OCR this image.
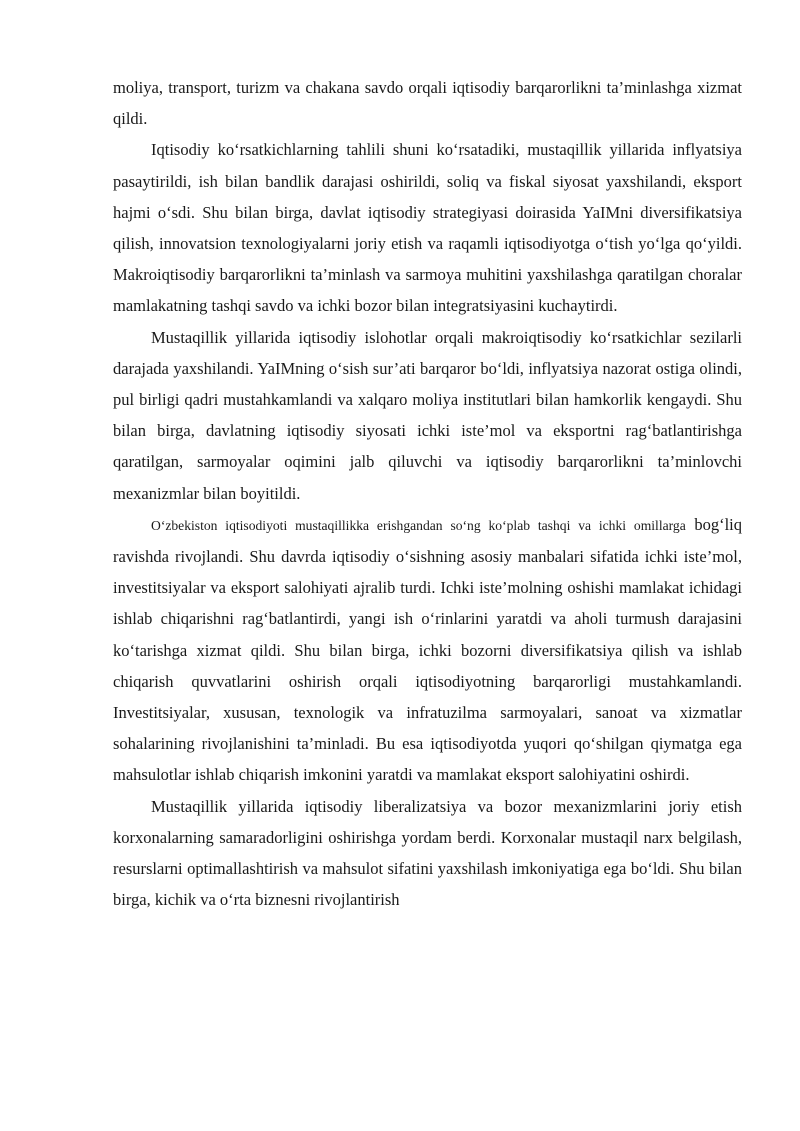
moliya, transport, turizm va chakana savdo orqali iqtisodiy barqarorlikni ta’minlashga xizmat qildi.

Iqtisodiy ko‘rsatkichlarning tahlili shuni ko‘rsatadiki, mustaqillik yillarida inflyatsiya pasaytirildi, ish bilan bandlik darajasi oshirildi, soliq va fiskal siyosat yaxshilandi, eksport hajmi o‘sdi. Shu bilan birga, davlat iqtisodiy strategiyasi doirasida YaIMni diversifikatsiya qilish, innovatsion texnologiyalarni joriy etish va raqamli iqtisodiyotga o‘tish yo‘lga qo‘yildi. Makroiqtisodiy barqarorlikni ta’minlash va sarmoya muhitini yaxshilashga qaratilgan choralar mamlakatning tashqi savdo va ichki bozor bilan integratsiyasini kuchaytirdi.

Mustaqillik yillarida iqtisodiy islohotlar orqali makroiqtisodiy ko‘rsatkichlar sezilarli darajada yaxshilandi. YaIMning o‘sish sur’ati barqaror bo‘ldi, inflyatsiya nazorat ostiga olindi, pul birligi qadri mustahkamlandi va xalqaro moliya institutlari bilan hamkorlik kengaydi. Shu bilan birga, davlatning iqtisodiy siyosati ichki iste’mol va eksportni rag‘batlantirishga qaratilgan, sarmoyalar oqimini jalb qiluvchi va iqtisodiy barqarorlikni ta’minlovchi mexanizmlar bilan boyitildi.

O‘zbekiston iqtisodiyoti mustaqillikka erishgandan so‘ng ko‘plab tashqi va ichki omillarga bog‘liq ravishda rivojlandi. Shu davrda iqtisodiy o‘sishning asosiy manbalari sifatida ichki iste’mol, investitsiyalar va eksport salohiyati ajralib turdi. Ichki iste’molning oshishi mamlakat ichidagi ishlab chiqarishni rag‘batlantirdi, yangi ish o‘rinlarini yaratdi va aholi turmush darajasini ko‘tarishga xizmat qildi. Shu bilan birga, ichki bozorni diversifikatsiya qilish va ishlab chiqarish quvvatlarini oshirish orqali iqtisodiyotning barqarorligi mustahkamlandi. Investitsiyalar, xususan, texnologik va infratuzilma sarmoyalari, sanoat va xizmatlar sohalarining rivojlanishini ta’minladi. Bu esa iqtisodiyotda yuqori qo‘shilgan qiymatga ega mahsulotlar ishlab chiqarish imkonini yaratdi va mamlakat eksport salohiyatini oshirdi.

Mustaqillik yillarida iqtisodiy liberalizatsiya va bozor mexanizmlarini joriy etish korxonalarning samaradorligini oshirishga yordam berdi. Korxonalar mustaqil narx belgilash, resurslarni optimallashtirish va mahsulot sifatini yaxshilash imkoniyatiga ega bo‘ldi. Shu bilan birga, kichik va o‘rta biznesni rivojlantirish
